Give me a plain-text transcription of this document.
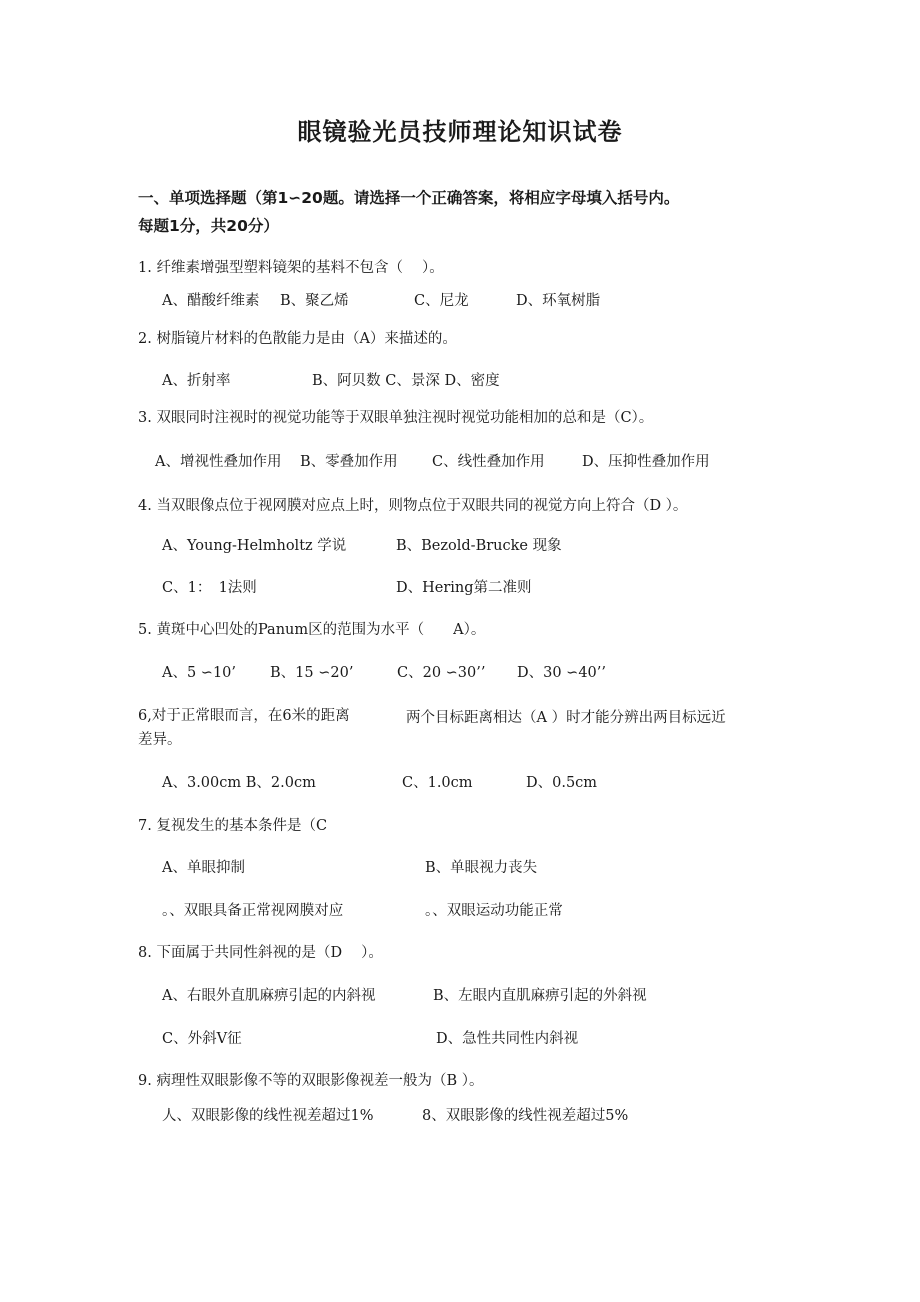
眼镜验光员技师理论知识试卷
一、单项选择题（第1∽20题。请选择一个正确答案，将相应字母填入括号内。
每题1分，共20分）
1. 纤维素增强型塑料镜架的基料不包含（　 ）。
A、醋酸纤维素 B、聚乙烯	C、尼龙	D、环氧树脂
2. 树脂镜片材料的色散能力是由（A）来描述的。
A、折射率	B、阿贝数 C、景深 D、密度
3. 双眼同时注视时的视觉功能等于双眼单独注视时视觉功能相加的总和是（C）。
A、增视性叠加作用 B、零叠加作用 C、线性叠加作用	D、压抑性叠加作用
4. 当双眼像点位于视网膜对应点上时，则物点位于双眼共同的视觉方向上符合（D ）。
A、Young-Helmholtz 学说	B、Bezold-Brucke 现象
C、1：　1法则	D、Hering第二准则
5. 黄斑中心凹处的Panum区的范围为水平（　　A）。
A、5 ∽10’ B、15 ∽20’	C、20 ∽30’’ D、30 ∽40’’
6,对于正常眼而言，在6米的距离	两个目标距离相达（A ）时才能分辨出两目标远近
差异。
A、3.00cm B、2.0cm	C、1.0cm	D、0.5cm
7. 复视发生的基本条件是（C
A、单眼抑制	B、单眼视力丧失
。、双眼具备正常视网膜对应	。、双眼运动功能正常
8. 下面属于共同性斜视的是（D　 ）。
A、右眼外直肌麻痹引起的内斜视	B、左眼内直肌麻痹引起的外斜视
C、外斜V征	D、急性共同性内斜视
9. 病理性双眼影像不等的双眼影像视差一般为（B ）。
人、双眼影像的线性视差超过1%	8、双眼影像的线性视差超过5%
